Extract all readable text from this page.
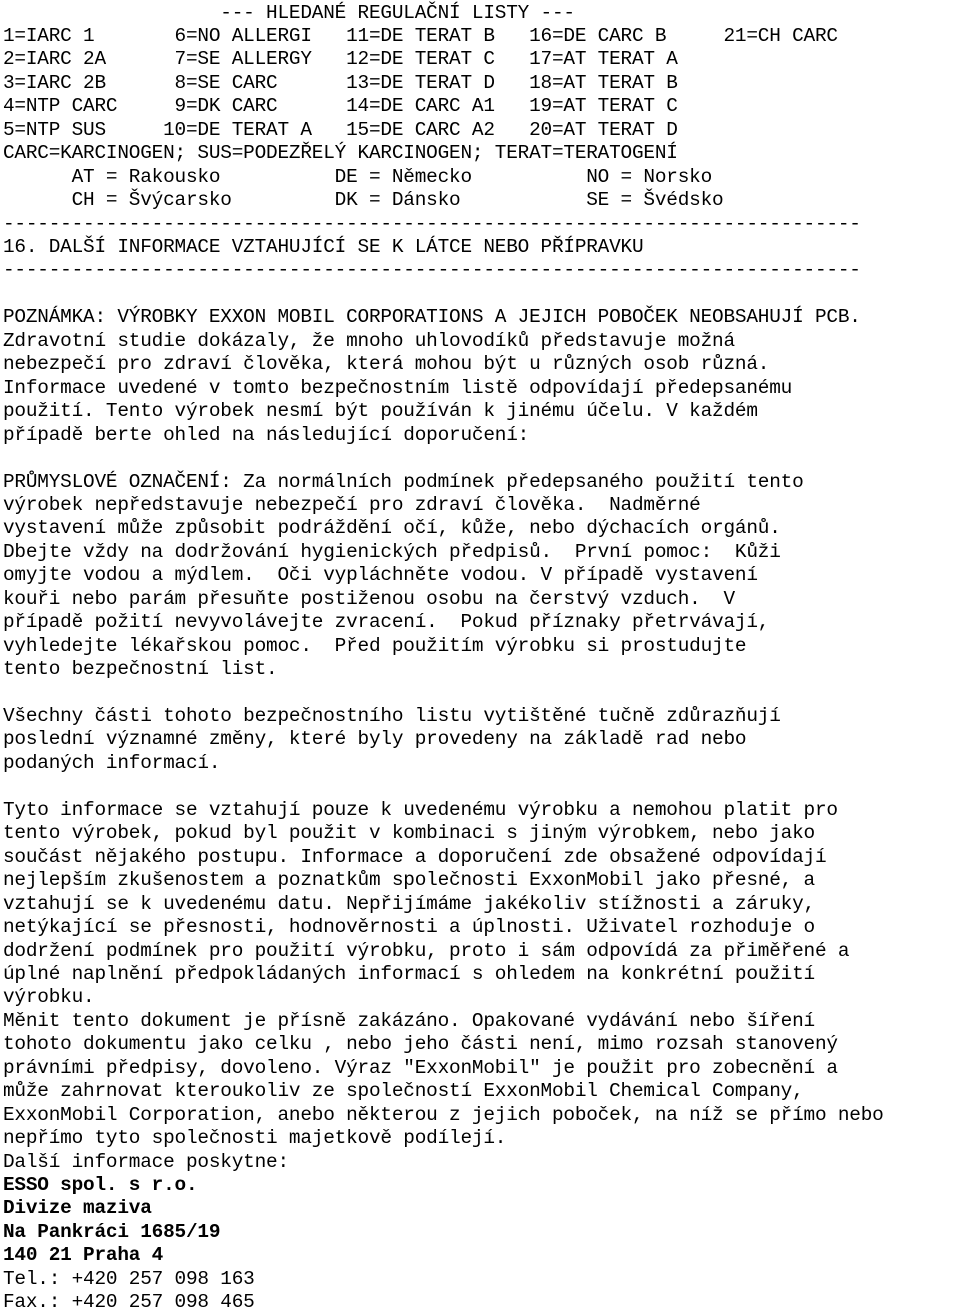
--- HLEDANÉ REGULAČNÍ LISTY ---
1=IARC 1       6=NO ALLERGI   11=DE TERAT B   16=DE CARC B     21=CH CARC
2=IARC 2A      7=SE ALLERGY   12=DE TERAT C   17=AT TERAT A
3=IARC 2B      8=SE CARC      13=DE TERAT D   18=AT TERAT B
4=NTP CARC     9=DK CARC      14=DE CARC A1   19=AT TERAT C
5=NTP SUS     10=DE TERAT A   15=DE CARC A2   20=AT TERAT D
CARC=KARCINOGEN; SUS=PODEZŘELÝ KARCINOGEN; TERAT=TERATOGENÍ
AT = Rakousko          DE = Německo          NO = Norsko
CH = Švýcarsko         DK = Dánsko           SE = Švédsko
---------------------------------------------------------------------------
16. DALŠÍ INFORMACE VZTAHUJÍCÍ SE K LÁTCE NEBO PŘÍPRAVKU
---------------------------------------------------------------------------
POZNÁMKA: VÝROBKY EXXON MOBIL CORPORATIONS A JEJICH POBOČEK NEOBSAHUJÍ PCB.
Zdravotní studie dokázaly, že mnoho uhlovodíků představuje možná
nebezpečí pro zdraví člověka, která mohou být u různých osob různá.
Informace uvedené v tomto bezpečnostním listě odpovídají předepsanému
použití. Tento výrobek nesmí být používán k jinému účelu. V každém
případě berte ohled na následující doporučení:
PRŮMYSLOVÉ OZNAČENÍ: Za normálních podmínek předepsaného použití tento
výrobek nepředstavuje nebezpečí pro zdraví člověka.  Nadměrné
vystavení může způsobit podráždění očí, kůže, nebo dýchacích orgánů.
Dbejte vždy na dodržování hygienických předpisů.  První pomoc:  Kůži
omyjte vodou a mýdlem.  Oči vypláchněte vodou. V případě vystavení
kouři nebo parám přesuňte postiženou osobu na čerstvý vzduch.  V
případě požití nevyvolávejte zvracení.  Pokud příznaky přetrvávají,
vyhledejte lékařskou pomoc.  Před použitím výrobku si prostudujte
tento bezpečnostní list.
Všechny části tohoto bezpečnostního listu vytištěné tučně zdůrazňují
poslední významné změny, které byly provedeny na základě rad nebo
podaných informací.
Tyto informace se vztahují pouze k uvedenému výrobku a nemohou platit pro
tento výrobek, pokud byl použit v kombinaci s jiným výrobkem, nebo jako
součást nějakého postupu. Informace a doporučení zde obsažené odpovídají
nejlepším zkušenostem a poznatkům společnosti ExxonMobil jako přesné, a
vztahují se k uvedenému datu. Nepřijímáme jakékoliv stížnosti a záruky,
netýkající se přesnosti, hodnověrnosti a úplnosti. Uživatel rozhoduje o
dodržení podmínek pro použití výrobku, proto i sám odpovídá za přiměřené a
úplné naplnění předpokládaných informací s ohledem na konkrétní použití
výrobku.
Měnit tento dokument je přísně zakázáno. Opakované vydávání nebo šíření
tohoto dokumentu jako celku , nebo jeho části není, mimo rozsah stanovený
právními předpisy, dovoleno. Výraz "ExxonMobil" je použit pro zobecnění a
může zahrnovat kteroukoliv ze společností ExxonMobil Chemical Company,
ExxonMobil Corporation, anebo některou z jejich poboček, na níž se přímo nebo
nepřímo tyto společnosti majetkově podílejí.
Další informace poskytne:
ESSO spol. s r.o.
Divize maziva
Na Pankráci 1685/19
140 21 Praha 4
Tel.: +420 257 098 163
Fax.: +420 257 098 465
